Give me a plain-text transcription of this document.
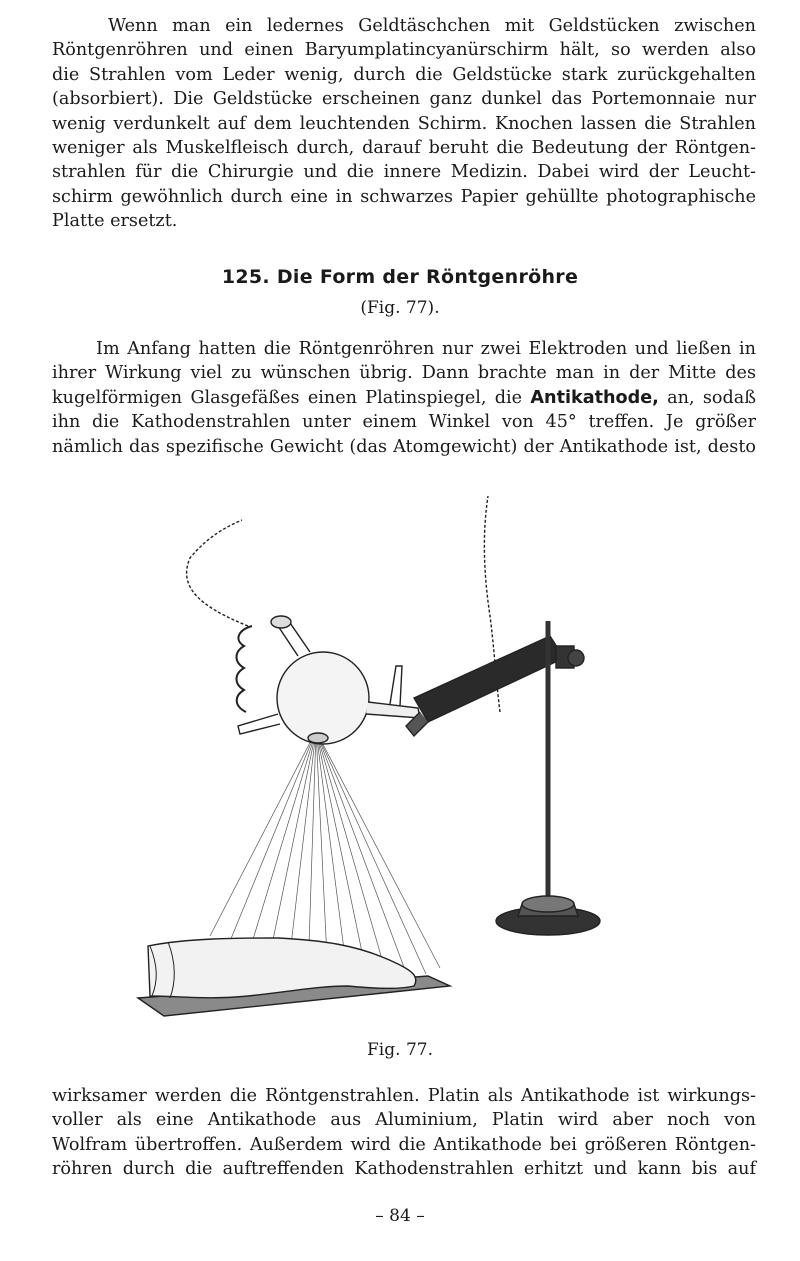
Wenn man ein ledernes Geldtäschchen mit Geldstücken zwischen
Röntgenröhren und einen Baryumplatincyanürschirm hält, so werden also
die Strahlen vom Leder wenig, durch die Geldstücke stark zurückgehalten
(absorbiert). Die Geldstücke erscheinen ganz dunkel das Portemonnaie nur
wenig verdunkelt auf dem leuchtenden Schirm. Knochen lassen die Strahlen
weniger als Muskelfleisch durch, darauf beruht die Bedeutung der Röntgen-
strahlen für die Chirurgie und die innere Medizin. Dabei wird der Leucht-
schirm gewöhnlich durch eine in schwarzes Papier gehüllte photographische
Platte ersetzt.

125. Die Form der Röntgenröhre

(Fig. 77).

Im Anfang hatten die Röntgenröhren nur zwei Elektroden und ließen in
ihrer Wirkung viel zu wünschen übrig. Dann brachte man in der Mitte des
kugelförmigen Glasgefäßes einen Platinspiegel, die Antikathode, an, sodaß
ihn die Kathodenstrahlen unter einem Winkel von 45° treffen. Je größer
nämlich das spezifische Gewicht (das Atomgewicht) der Antikathode ist, desto

Fig. 77.

wirksamer werden die Röntgenstrahlen. Platin als Antikathode ist wirkungs-
voller als eine Antikathode aus Aluminium, Platin wird aber noch von
Wolfram übertroffen. Außerdem wird die Antikathode bei größeren Röntgen-
röhren durch die auftreffenden Kathodenstrahlen erhitzt und kann bis auf

– 84 –
